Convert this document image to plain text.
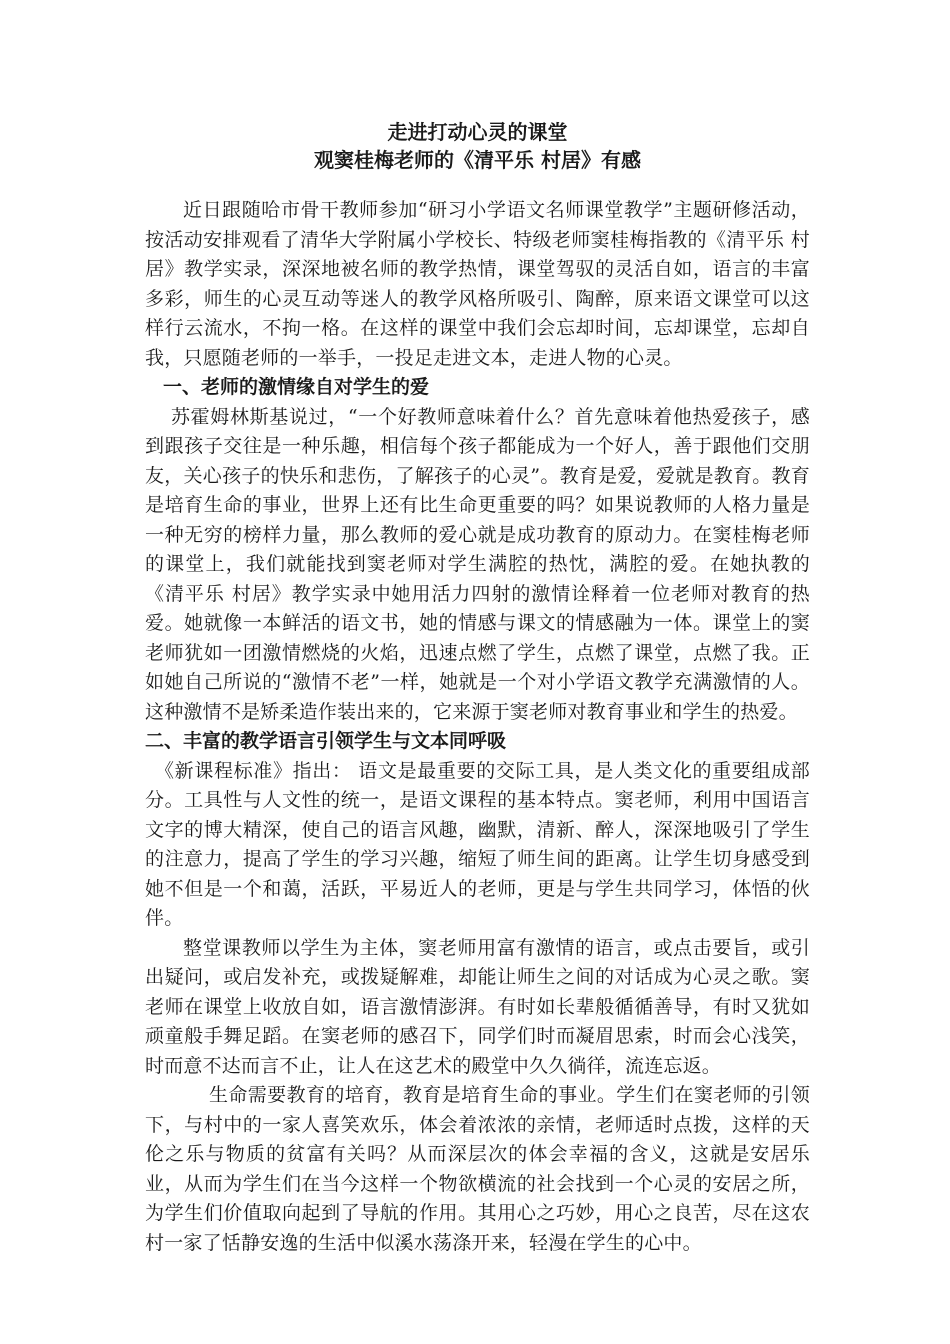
走进打动心灵的课堂

观窦桂梅老师的《清平乐 村居》有感

近日跟随哈市骨干教师参加“研习小学语文名师课堂教学”主题研修活动，按活动安排观看了清华大学附属小学校长、特级老师窦桂梅指教的《清平乐 村居》教学实录，深深地被名师的教学热情，课堂驾驭的灵活自如，语言的丰富多彩，师生的心灵互动等迷人的教学风格所吸引、陶醉，原来语文课堂可以这样行云流水，不拘一格。在这样的课堂中我们会忘却时间，忘却课堂，忘却自我，只愿随老师的一举手，一投足走进文本，走进人物的心灵。

一、老师的激情缘自对学生的爱

苏霍姆林斯基说过，“一个好教师意味着什么？首先意味着他热爱孩子，感到跟孩子交往是一种乐趣，相信每个孩子都能成为一个好人，善于跟他们交朋友，关心孩子的快乐和悲伤，了解孩子的心灵”。教育是爱，爱就是教育。教育是培育生命的事业，世界上还有比生命更重要的吗？如果说教师的人格力量是一种无穷的榜样力量，那么教师的爱心就是成功教育的原动力。在窦桂梅老师的课堂上，我们就能找到窦老师对学生满腔的热忱，满腔的爱。在她执教的《清平乐 村居》教学实录中她用活力四射的激情诠释着一位老师对教育的热爱。她就像一本鲜活的语文书，她的情感与课文的情感融为一体。课堂上的窦老师犹如一团激情燃烧的火焰，迅速点燃了学生，点燃了课堂，点燃了我。正如她自己所说的“激情不老”一样，她就是一个对小学语文教学充满激情的人。这种激情不是矫柔造作装出来的，它来源于窦老师对教育事业和学生的热爱。

二、丰富的教学语言引领学生与文本同呼吸

《新课程标准》指出： 语文是最重要的交际工具，是人类文化的重要组成部分。工具性与人文性的统一，是语文课程的基本特点。窦老师，利用中国语言文字的博大精深，使自己的语言风趣，幽默，清新、醉人，深深地吸引了学生的注意力，提高了学生的学习兴趣，缩短了师生间的距离。让学生切身感受到她不但是一个和蔼，活跃，平易近人的老师，更是与学生共同学习，体悟的伙伴。

整堂课教师以学生为主体，窦老师用富有激情的语言，或点击要旨，或引出疑问，或启发补充，或拨疑解难，却能让师生之间的对话成为心灵之歌。窦老师在课堂上收放自如，语言激情澎湃。有时如长辈般循循善导，有时又犹如顽童般手舞足蹈。在窦老师的感召下，同学们时而凝眉思索，时而会心浅笑，时而意不达而言不止，让人在这艺术的殿堂中久久徜徉，流连忘返。

生命需要教育的培育，教育是培育生命的事业。学生们在窦老师的引领下，与村中的一家人喜笑欢乐，体会着浓浓的亲情，老师适时点拨，这样的天伦之乐与物质的贫富有关吗？从而深层次的体会幸福的含义，这就是安居乐业，从而为学生们在当今这样一个物欲横流的社会找到一个心灵的安居之所，为学生们价值取向起到了导航的作用。其用心之巧妙，用心之良苦，尽在这农村一家了恬静安逸的生活中似溪水荡涤开来，轻漫在学生的心中。
